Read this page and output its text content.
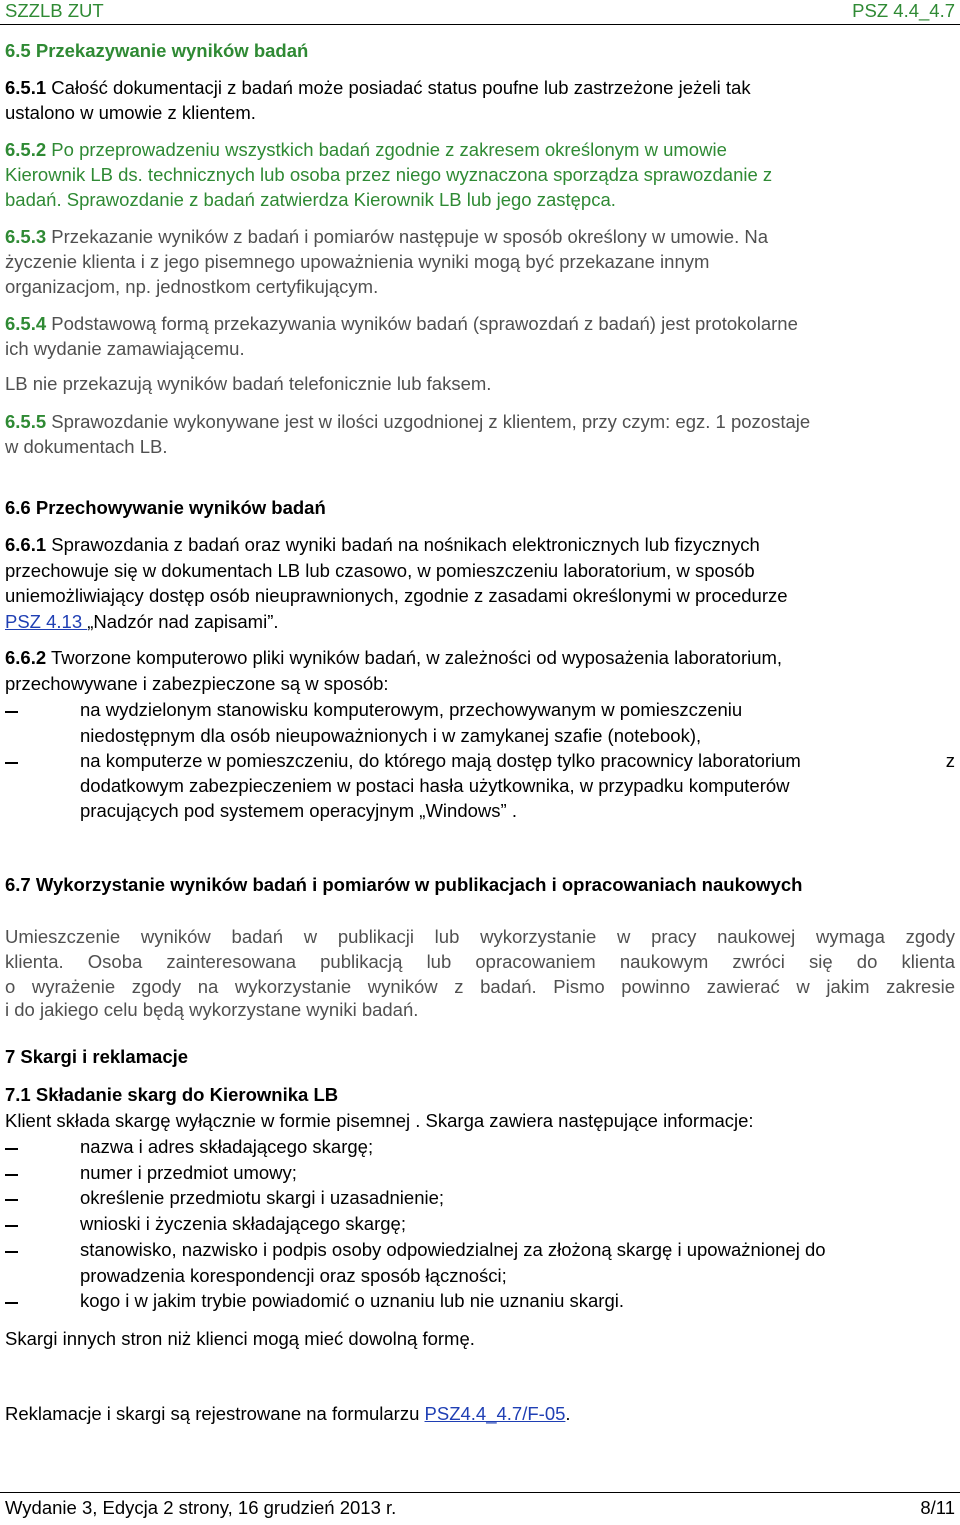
SZZLB ZUT	PSZ 4.4_4.7
6.5 Przekazywanie wyników badań
6.5.1 Całość dokumentacji z badań może posiadać status poufne lub zastrzeżone jeżeli tak
ustalono w umowie z klientem.
6.5.2 Po przeprowadzeniu wszystkich badań zgodnie z zakresem określonym w umowie
Kierownik LB ds. technicznych lub osoba przez niego wyznaczona sporządza sprawozdanie z
badań. Sprawozdanie z badań zatwierdza Kierownik LB lub jego zastępca.
6.5.3 Przekazanie wyników z badań i pomiarów następuje w sposób określony w umowie. Na
życzenie klienta i z jego pisemnego upoważnienia wyniki mogą być przekazane innym
organizacjom, np. jednostkom certyfikującym.
6.5.4 Podstawową formą przekazywania wyników badań (sprawozdań z badań) jest protokolarne
ich wydanie zamawiającemu.
LB nie przekazują wyników badań telefonicznie lub faksem.
6.5.5 Sprawozdanie wykonywane jest w ilości uzgodnionej z klientem, przy czym: egz. 1 pozostaje
w dokumentach LB.
6.6 Przechowywanie wyników badań
6.6.1 Sprawozdania z badań oraz wyniki badań na nośnikach elektronicznych lub fizycznych
przechowuje się w dokumentach LB lub czasowo, w pomieszczeniu laboratorium, w sposób
uniemożliwiający dostęp osób nieuprawnionych, zgodnie z zasadami określonymi w procedurze
PSZ 4.13 „Nadzór nad zapisami”.
6.6.2 Tworzone komputerowo pliki wyników badań, w zależności od wyposażenia laboratorium,
przechowywane i zabezpieczone są w sposób:
na wydzielonym stanowisku komputerowym, przechowywanym w pomieszczeniu
niedostępnym dla osób nieupoważnionych i w zamykanej szafie (notebook),
na komputerze w pomieszczeniu, do którego mają dostęp tylko pracownicy laboratorium	z
dodatkowym zabezpieczeniem w postaci hasła użytkownika, w przypadku komputerów
pracujących pod systemem operacyjnym „Windows” .
6.7 Wykorzystanie wyników badań i pomiarów w publikacjach i opracowaniach naukowych
Umieszczenie wyników badań w publikacji lub wykorzystanie w pracy naukowej wymaga zgody
klienta. Osoba zainteresowana publikacją lub opracowaniem naukowym zwróci się do klienta
o wyrażenie zgody na wykorzystanie wyników z badań. Pismo powinno zawierać w jakim zakresie
i do jakiego celu będą wykorzystane wyniki badań.
7 Skargi i reklamacje
7.1 Składanie skarg do Kierownika LB
Klient składa skargę wyłącznie w formie pisemnej . Skarga zawiera następujące informacje:
nazwa i adres składającego skargę;
numer i przedmiot umowy;
określenie przedmiotu skargi i uzasadnienie;
wnioski i życzenia składającego skargę;
stanowisko, nazwisko i podpis osoby odpowiedzialnej za złożoną skargę i upoważnionej do
prowadzenia korespondencji oraz sposób łączności;
kogo i w jakim trybie powiadomić o uznaniu lub nie uznaniu skargi.
Skargi innych stron niż klienci mogą mieć dowolną formę.
Reklamacje i skargi są rejestrowane na formularzu PSZ4.4_4.7/F-05.
Wydanie 3, Edycja 2 strony, 16 grudzień 2013 r.	8/11
